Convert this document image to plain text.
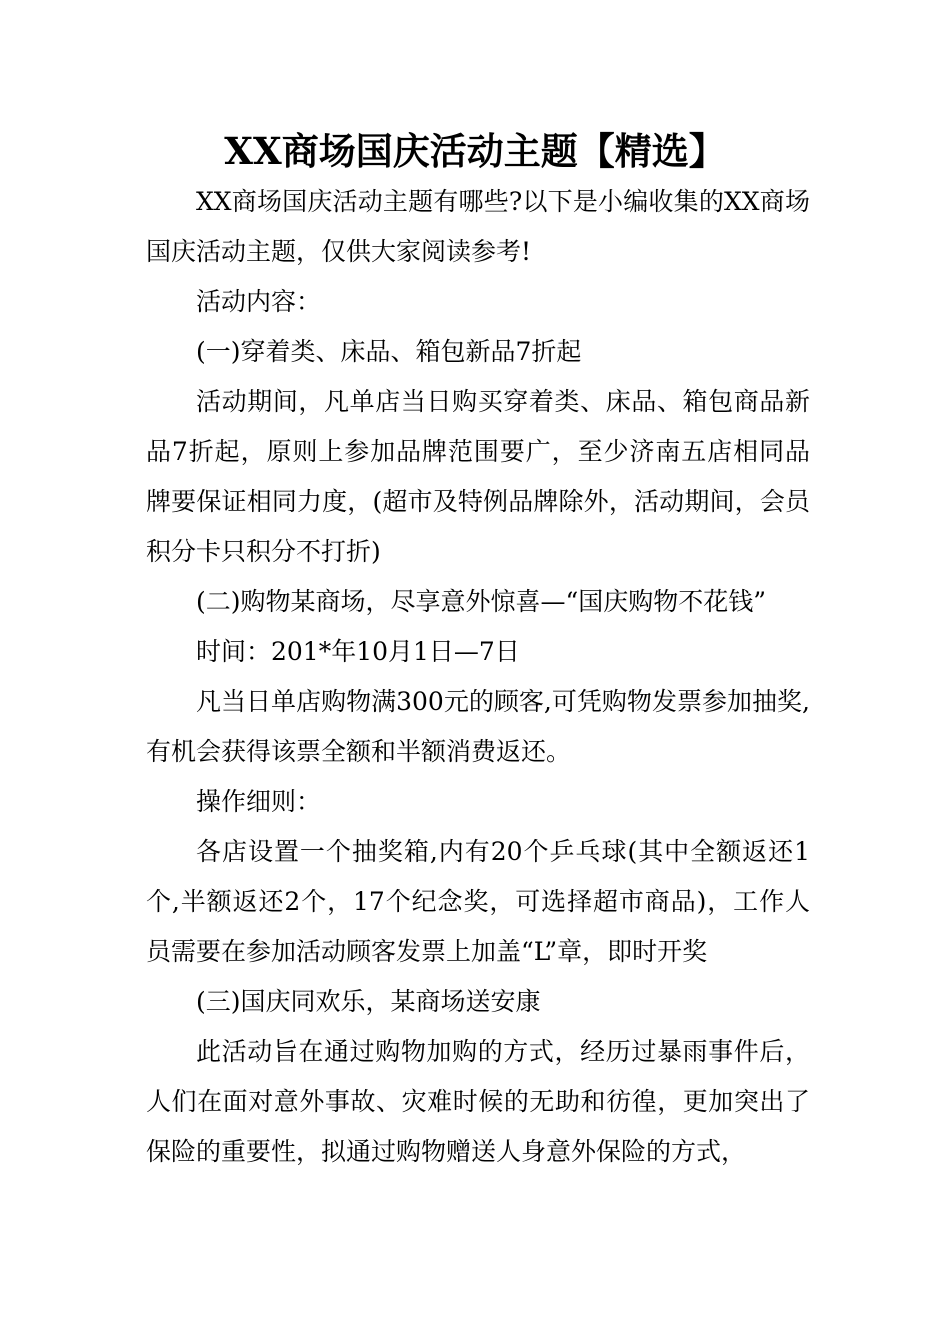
XX商场国庆活动主题【精选】

XX商场国庆活动主题有哪些?以下是小编收集的XX商场国庆活动主题，仅供大家阅读参考!

活动内容：

(一)穿着类、床品、箱包新品7折起

活动期间，凡单店当日购买穿着类、床品、箱包商品新品7折起，原则上参加品牌范围要广，至少济南五店相同品牌要保证相同力度，(超市及特例品牌除外，活动期间，会员积分卡只积分不打折)

(二)购物某商场，尽享意外惊喜—“国庆购物不花钱”

时间：201*年10月1日—7日

凡当日单店购物满300元的顾客,可凭购物发票参加抽奖,有机会获得该票全额和半额消费返还。

操作细则：

各店设置一个抽奖箱,内有20个乒乓球(其中全额返还1个,半额返还2个，17个纪念奖，可选择超市商品)，工作人员需要在参加活动顾客发票上加盖“L”章，即时开奖

(三)国庆同欢乐，某商场送安康

此活动旨在通过购物加购的方式，经历过暴雨事件后，人们在面对意外事故、灾难时候的无助和彷徨，更加突出了保险的重要性，拟通过购物赠送人身意外保险的方式，
